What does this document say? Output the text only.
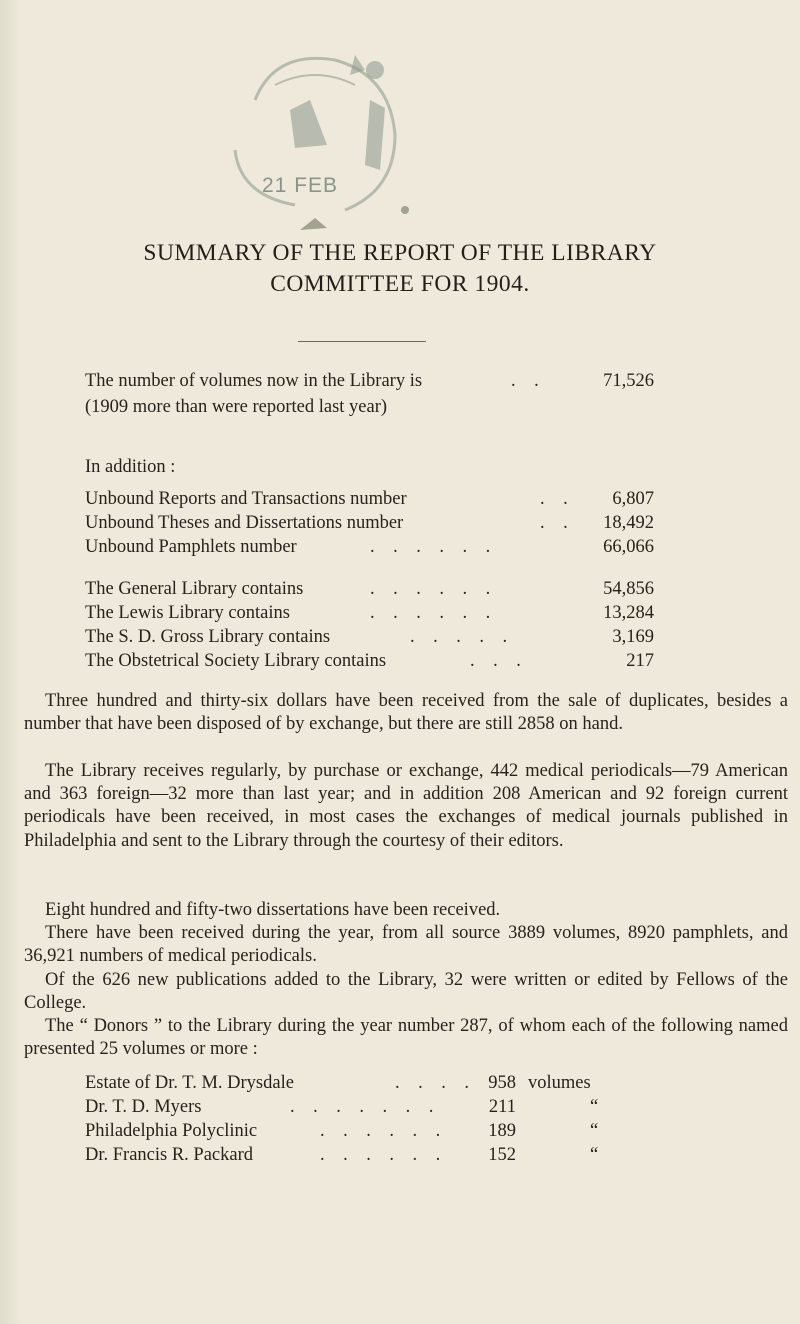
21 FEB
SUMMARY OF THE REPORT OF THE LIBRARY
COMMITTEE FOR 1904.
The number of volumes now in the Library is	.    .	71,526
(1909 more than were reported last year)
In addition :
Unbound Reports and Transactions number	.    .	6,807
Unbound Theses and Dissertations number	.    .	18,492
Unbound Pamphlets number	.    .    .    .    .    .	66,066
The General Library contains	.    .    .    .    .    .	54,856
The Lewis Library contains	.    .    .    .    .    .	13,284
The S. D. Gross Library contains	.    .    .    .    .	3,169
The Obstetrical Society Library contains	.    .    .	217
Three hundred and thirty-six dollars have been received from the sale of duplicates, besides a number that have been disposed of by exchange, but there are still 2858 on hand.
The Library receives regularly, by purchase or exchange, 442 medical periodicals—79 American and 363 foreign—32 more than last year; and in addition 208 American and 92 foreign current periodicals have been received, in most cases the exchanges of medical journals published in Philadelphia and sent to the Library through the courtesy of their editors.
Eight hundred and fifty-two dissertations have been received.
There have been received during the year, from all source 3889 volumes, 8920 pamphlets, and 36,921 numbers of medical periodicals.
Of the 626 new publications added to the Library, 32 were written or edited by Fellows of the College.
The “ Donors ” to the Library during the year number 287, of whom each of the following named presented 25 volumes or more :
Estate of Dr. T. M. Drysdale	.    .    .    .	958 volumes
Dr. T. D. Myers	.    .    .    .    .    .    .	211	“
Philadelphia Polyclinic	.    .    .    .    .    .	189	“
Dr. Francis R. Packard	.    .    .    .    .    .	152	“
